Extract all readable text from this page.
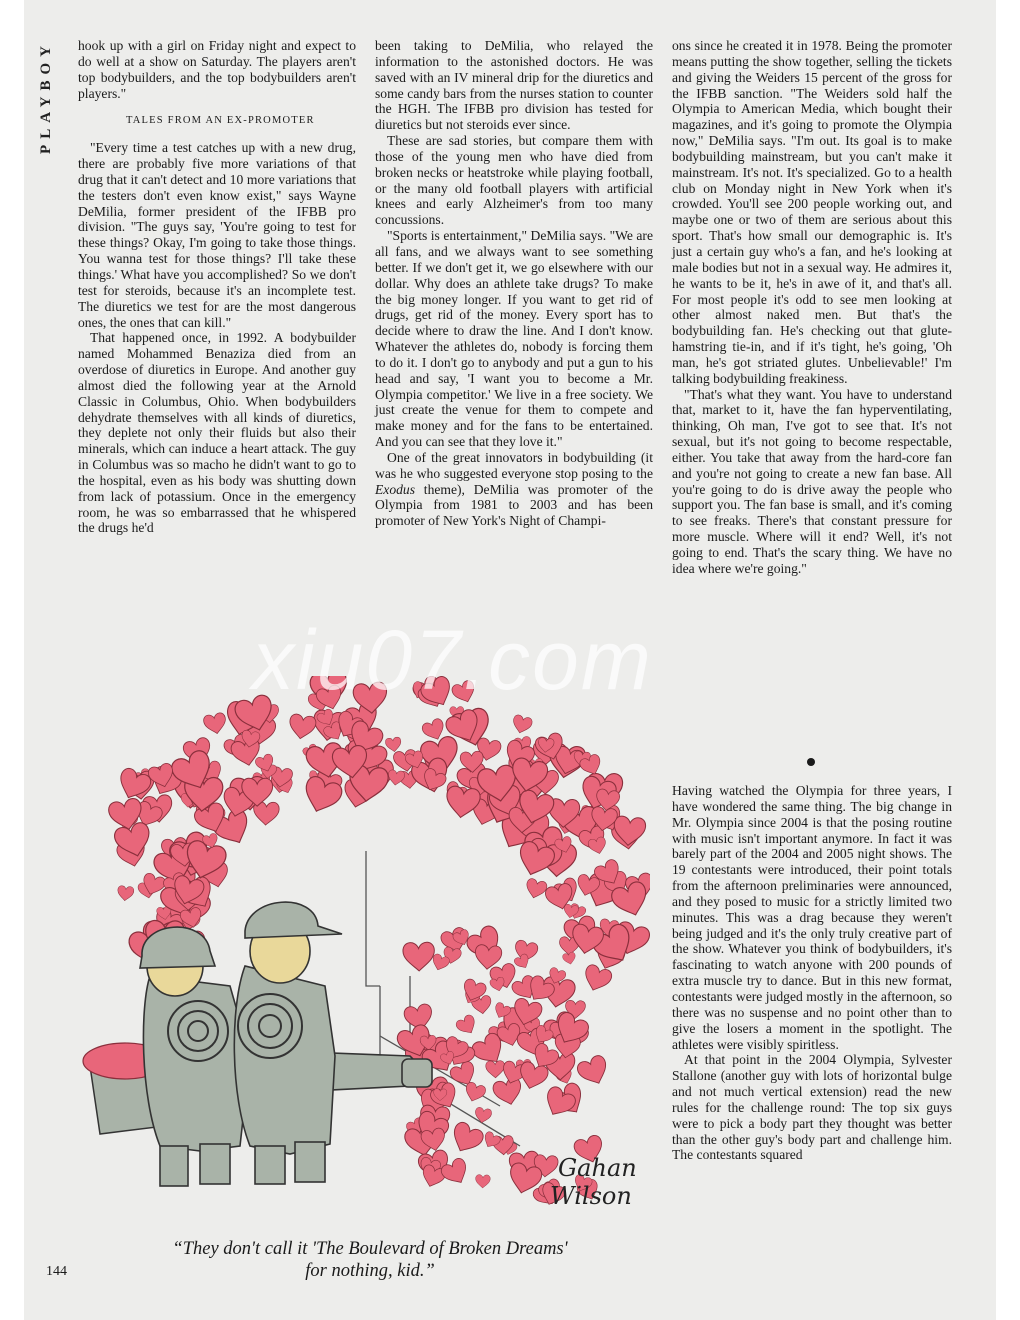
PLAYBOY	hook up with a girl on Friday night and expect to do well at a show on Saturday. The players aren't top bodybuilders, and the top bodybuilders aren't players."

TALES FROM AN EX-PROMOTER

"Every time a test catches up with a new drug, there are probably five more variations of that drug that it can't detect and 10 more variations that the testers don't even know exist," says Wayne DeMilia, former president of the IFBB pro division. "The guys say, 'You're going to test for these things? Okay, I'm going to take those things. You wanna test for those things? I'll take these things.' What have you accomplished? So we don't test for steroids, because it's an incomplete test. The diuretics we test for are the most dangerous ones, the ones that can kill."

That happened once, in 1992. A bodybuilder named Mohammed Benaziza died from an overdose of diuretics in Europe. And another guy almost died the following year at the Arnold Classic in Columbus, Ohio. When bodybuilders dehydrate themselves with all kinds of diuretics, they deplete not only their fluids but also their minerals, which can induce a heart attack. The guy in Columbus was so macho he didn't want to go to the hospital, even as his body was shutting down from lack of potassium. Once in the emergency room, he was so embarrassed that he whispered the drugs he'd

been taking to DeMilia, who relayed the information to the astonished doctors. He was saved with an IV mineral drip for the diuretics and some candy bars from the nurses station to counter the HGH. The IFBB pro division has tested for diuretics but not steroids ever since.

These are sad stories, but compare them with those of the young men who have died from broken necks or heatstroke while playing football, or the many old football players with artificial knees and early Alzheimer's from too many concussions.

"Sports is entertainment," DeMilia says. "We are all fans, and we always want to see something better. If we don't get it, we go elsewhere with our dollar. Why does an athlete take drugs? To make the big money longer. If you want to get rid of drugs, get rid of the money. Every sport has to decide where to draw the line. And I don't know. Whatever the athletes do, nobody is forcing them to do it. I don't go to anybody and put a gun to his head and say, 'I want you to become a Mr. Olympia competitor.' We live in a free society. We just create the venue for them to compete and make money and for the fans to be entertained. And you can see that they love it."

One of the great innovators in bodybuilding (it was he who suggested everyone stop posing to the Exodus theme), DeMilia was promoter of the Olympia from 1981 to 2003 and has been promoter of New York's Night of Champi-

ons since he created it in 1978. Being the promoter means putting the show together, selling the tickets and giving the Weiders 15 percent of the gross for the IFBB sanction. "The Weiders sold half the Olympia to American Media, which bought their magazines, and it's going to promote the Olympia now," DeMilia says. "I'm out. Its goal is to make bodybuilding mainstream, but you can't make it mainstream. It's not. It's specialized. Go to a health club on Monday night in New York when it's crowded. You'll see 200 people working out, and maybe one or two of them are serious about this sport. That's how small our demographic is. It's just a certain guy who's a fan, and he's looking at male bodies but not in a sexual way. He admires it, he wants to be it, he's in awe of it, and that's all. For most people it's odd to see men looking at other almost naked men. But that's the bodybuilding fan. He's checking out that glute-hamstring tie-in, and if it's tight, he's going, 'Oh man, he's got striated glutes. Unbelievable!' I'm talking bodybuilding freakiness.

"That's what they want. You have to understand that, market to it, have the fan hyperventilating, thinking, Oh man, I've got to see that. It's not sexual, but it's not going to become respectable, either. You take that away from the hard-core fan and you're not going to create a new fan base. All you're going to do is drive away the people who support you. The fan base is small, and it's coming to see freaks. There's that constant pressure for more muscle. Where will it end? Well, it's not going to end. That's the scary thing. We have no idea where we're going."

Having watched the Olympia for three years, I have wondered the same thing. The big change in Mr. Olympia since 2004 is that the posing routine with music isn't important anymore. In fact it was barely part of the 2004 and 2005 night shows. The 19 contestants were introduced, their point totals from the afternoon preliminaries were announced, and they posed to music for a strictly limited two minutes. This was a drag because they weren't being judged and it's the only truly creative part of the show. Whatever you think of bodybuilders, it's fascinating to watch anyone with 200 pounds of extra muscle try to dance. But in this new format, contestants were judged mostly in the afternoon, so there was no suspense and no point other than to give the losers a moment in the spotlight. The athletes were visibly spiritless.

At that point in the 2004 Olympia, Sylvester Stallone (another guy with lots of horizontal bulge and not much vertical extension) read the new rules for the challenge round: The top six guys were to pick a body part they thought was better than the other guy's body part and challenge him. The contestants squared

Gahan
Wilson
“They don't call it 'The Boulevard of Broken Dreams'
for nothing, kid.”
144
xiu07.com
